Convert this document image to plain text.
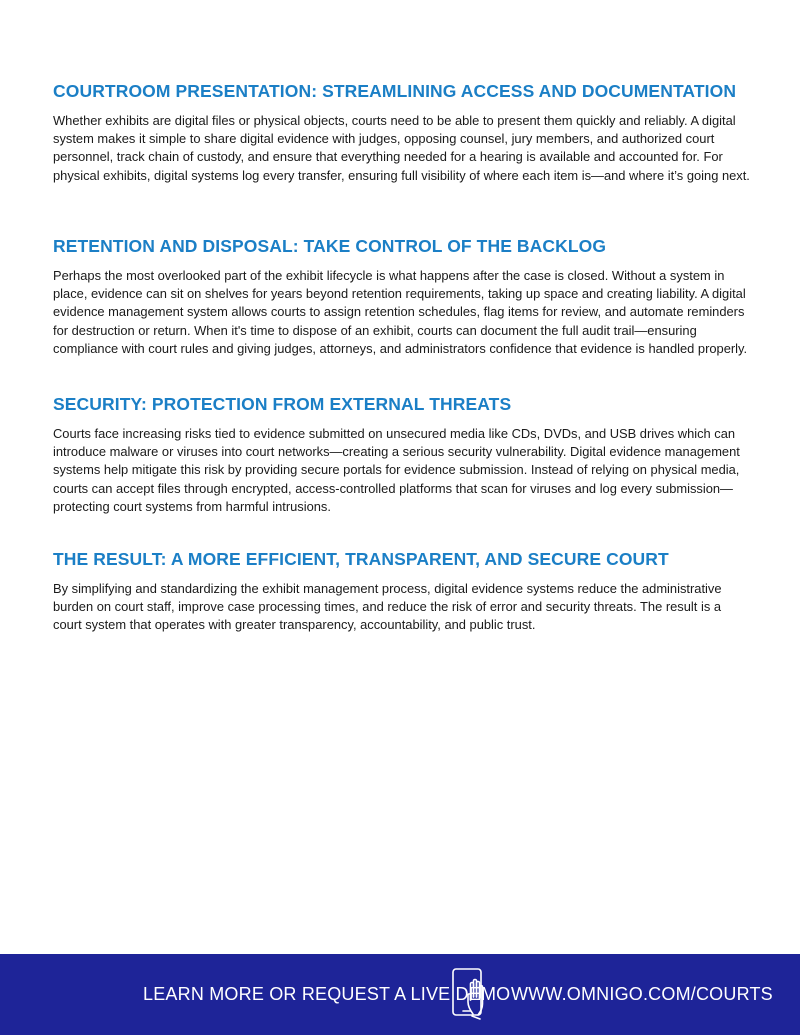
COURTROOM PRESENTATION: STREAMLINING ACCESS AND DOCUMENTATION

Whether exhibits are digital files or physical objects, courts need to be able to present them quickly and reliably. A digital system makes it simple to share digital evidence with judges, opposing counsel, jury members, and authorized court personnel, track chain of custody, and ensure that everything needed for a hearing is available and accounted for. For physical exhibits, digital systems log every transfer, ensuring full visibility of where each item is—and where it’s going next.

RETENTION AND DISPOSAL: TAKE CONTROL OF THE BACKLOG

Perhaps the most overlooked part of the exhibit lifecycle is what happens after the case is closed. Without a system in place, evidence can sit on shelves for years beyond retention requirements, taking up space and creating liability. A digital evidence management system allows courts to assign retention schedules, flag items for review, and automate reminders for destruction or return. When it's time to dispose of an exhibit, courts can document the full audit trail—ensuring compliance with court rules and giving judges, attorneys, and administrators confidence that evidence is handled properly.

SECURITY: PROTECTION FROM EXTERNAL THREATS

Courts face increasing risks tied to evidence submitted on unsecured media like CDs, DVDs, and USB drives which can introduce malware or viruses into court networks—creating a serious security vulnerability. Digital evidence management systems help mitigate this risk by providing secure portals for evidence submission. Instead of relying on physical media, courts can accept files through encrypted, access-controlled platforms that scan for viruses and log every submission—protecting court systems from harmful intrusions.

THE RESULT: A MORE EFFICIENT, TRANSPARENT, AND SECURE COURT

By simplifying and standardizing the exhibit management process, digital evidence systems reduce the administrative burden on court staff, improve case processing times, and reduce the risk of error and security threats. The result is a court system that operates with greater transparency, accountability, and public trust.

LEARN MORE OR REQUEST A LIVE DEMO WWW.OMNIGO.COM/COURTS
